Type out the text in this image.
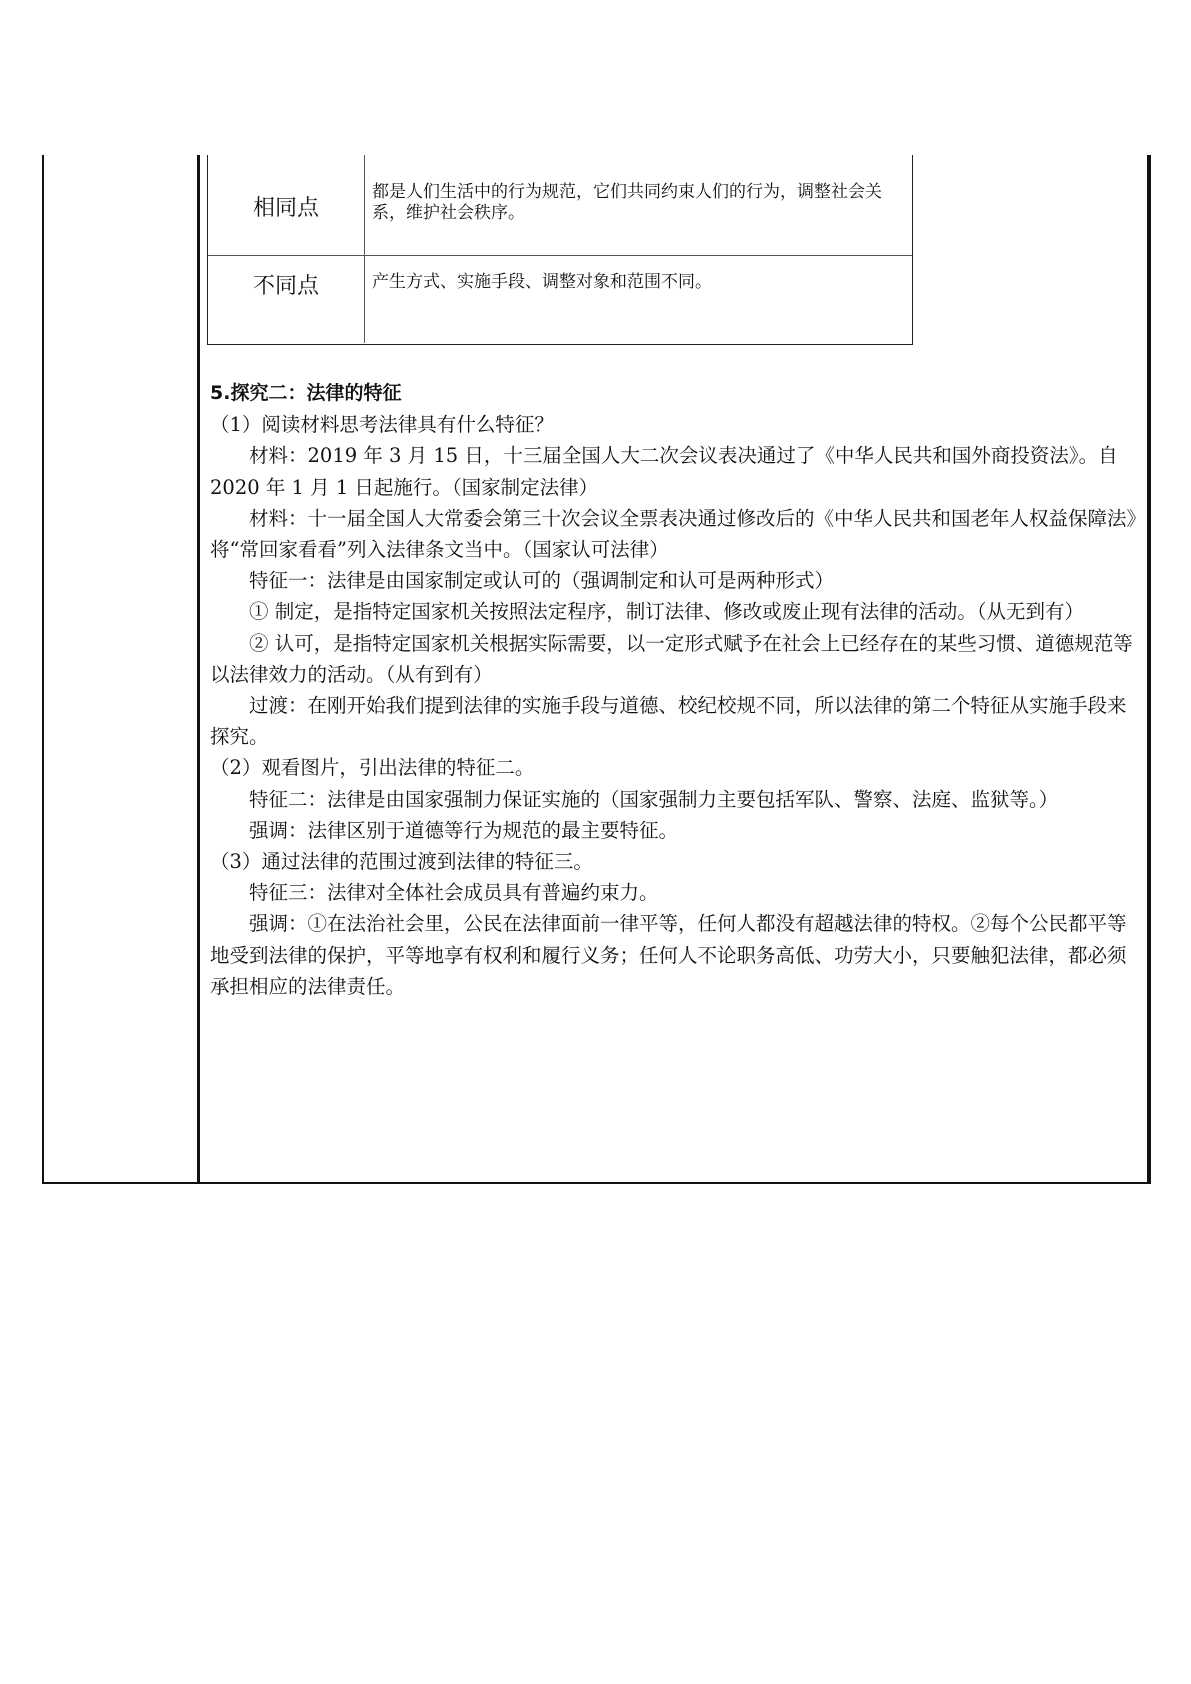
相同点
都是人们生活中的行为规范，它们共同约束人们的行为，调整社会关系，维护社会秩序。
不同点	产生方式、实施手段、调整对象和范围不同。

5.探究二：法律的特征

（1）阅读材料思考法律具有什么特征？

材料：2019 年 3 月 15 日，十三届全国人大二次会议表决通过了《中华人民共和国外商投资法》。自 2020 年 1 月 1 日起施行。（国家制定法律）

材料：十一届全国人大常委会第三十次会议全票表决通过修改后的《中华人民共和国老年人权益保障法》将“常回家看看”列入法律条文当中。（国家认可法律）

特征一：法律是由国家制定或认可的（强调制定和认可是两种形式）

① 制定，是指特定国家机关按照法定程序，制订法律、修改或废止现有法律的活动。（从无到有）

② 认可，是指特定国家机关根据实际需要，以一定形式赋予在社会上已经存在的某些习惯、道德规范等以法律效力的活动。（从有到有）

过渡：在刚开始我们提到法律的实施手段与道德、校纪校规不同，所以法律的第二个特征从实施手段来探究。

（2）观看图片，引出法律的特征二。

特征二：法律是由国家强制力保证实施的（国家强制力主要包括军队、警察、法庭、监狱等。）

强调：法律区别于道德等行为规范的最主要特征。

（3）通过法律的范围过渡到法律的特征三。

特征三：法律对全体社会成员具有普遍约束力。

强调：①在法治社会里，公民在法律面前一律平等，任何人都没有超越法律的特权。②每个公民都平等地受到法律的保护，平等地享有权利和履行义务；任何人不论职务高低、功劳大小，只要触犯法律，都必须承担相应的法律责任。
